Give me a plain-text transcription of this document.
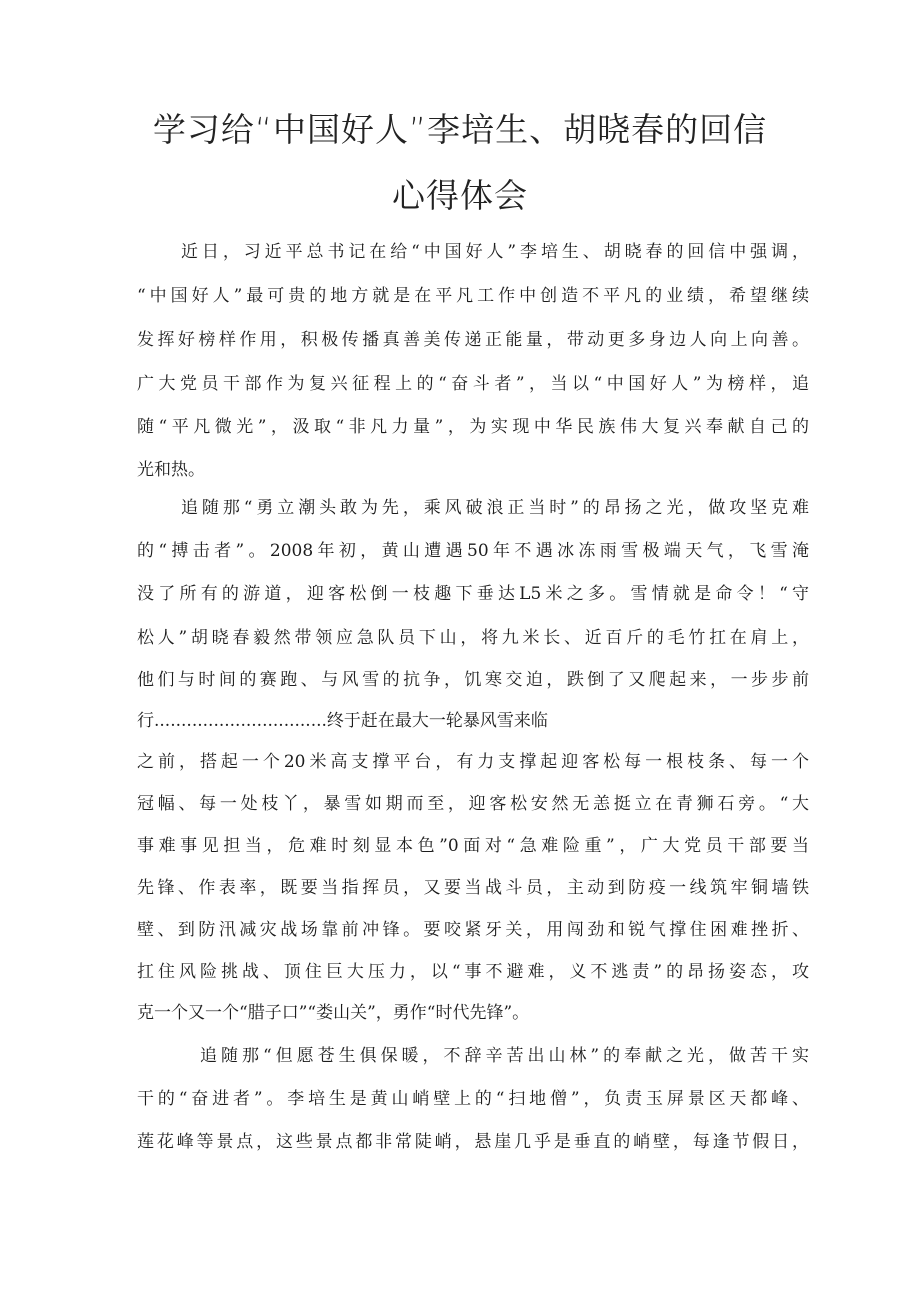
学习给“中国好人”李培生、胡晓春的回信
心得体会
近日，习近平总书记在给“中国好人”李培生、胡晓春的回信中强调，
“中国好人”最可贵的地方就是在平凡工作中创造不平凡的业绩，希望继续
发挥好榜样作用，积极传播真善美传递正能量，带动更多身边人向上向善。
广大党员干部作为复兴征程上的“奋斗者”，当以“中国好人”为榜样，追
随“平凡微光”，汲取“非凡力量”，为实现中华民族伟大复兴奉献自己的
光和热。
追随那“勇立潮头敢为先，乘风破浪正当时”的昂扬之光，做攻坚克难
的“搏击者”。2008年初，黄山遭遇50年不遇冰冻雨雪极端天气，飞雪淹
没了所有的游道，迎客松倒一枝趣下垂达L5米之多。雪情就是命令！“守
松人”胡晓春毅然带领应急队员下山，将九米长、近百斤的毛竹扛在肩上，
他们与时间的赛跑、与风雪的抗争，饥寒交迫，跌倒了又爬起来，一步步前
行................................终于赶在最大一轮暴风雪来临
之前，搭起一个20米高支撑平台，有力支撑起迎客松每一根枝条、每一个
冠幅、每一处枝丫，暴雪如期而至，迎客松安然无恙挺立在青狮石旁。“大
事难事见担当，危难时刻显本色”0面对“急难险重”，广大党员干部要当
先锋、作表率，既要当指挥员，又要当战斗员，主动到防疫一线筑牢铜墙铁
壁、到防汛减灾战场靠前冲锋。要咬紧牙关，用闯劲和锐气撑住困难挫折、
扛住风险挑战、顶住巨大压力，以“事不避难，义不逃责”的昂扬姿态，攻
克一个又一个“腊子口”“娄山关”，勇作“时代先锋”。
追随那“但愿苍生俱保暖，不辞辛苦出山林”的奉献之光，做苦干实
干的“奋进者”。李培生是黄山峭壁上的“扫地僧”，负责玉屏景区天都峰、
莲花峰等景点，这些景点都非常陡峭，悬崖几乎是垂直的峭壁，每逢节假日，
